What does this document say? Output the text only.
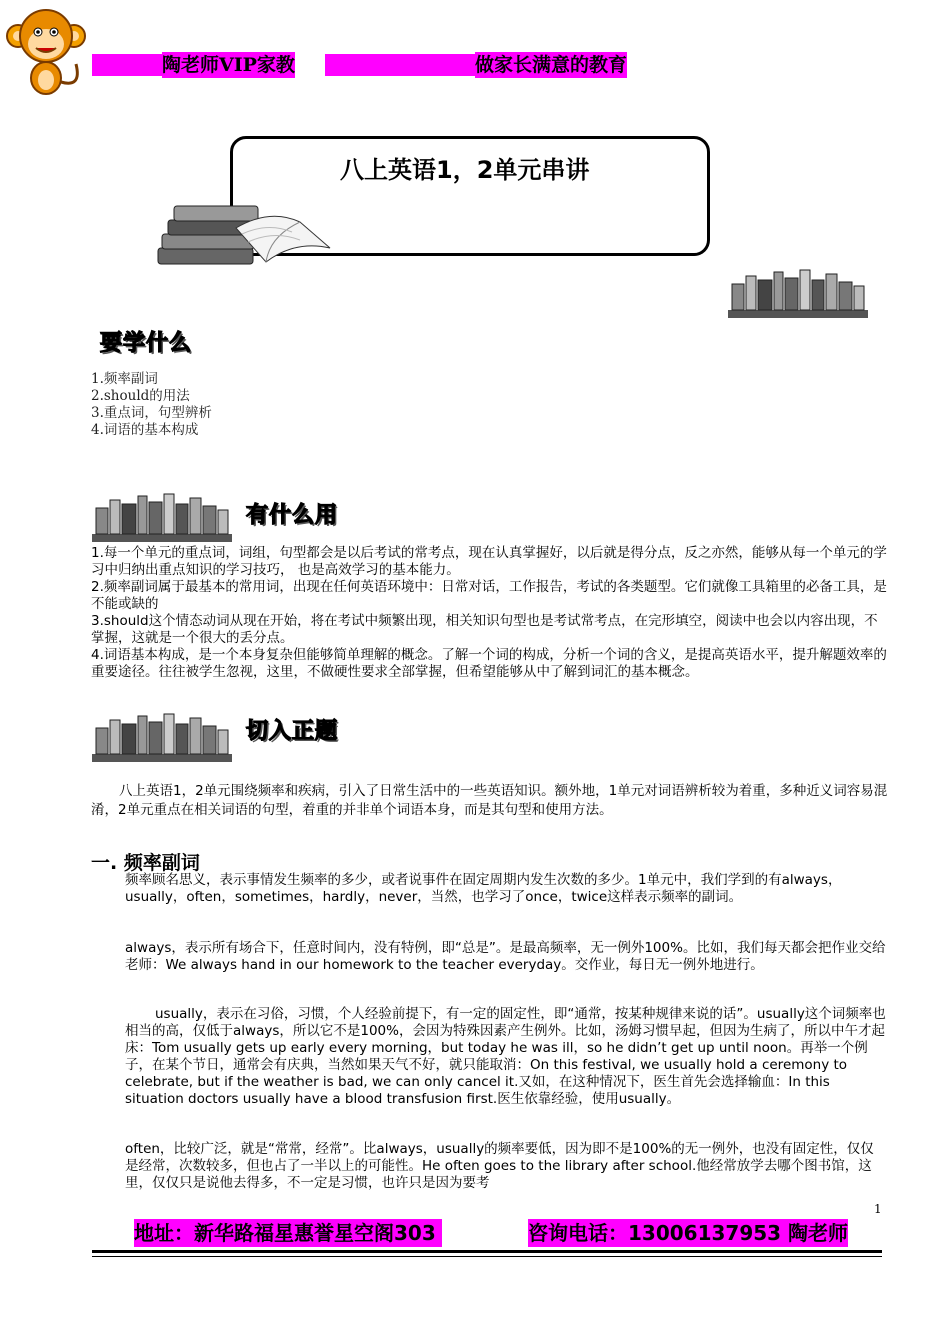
陶老师VIP家教	做家长满意的教育
八上英语1，2单元串讲
要学什么
1.频率副词
2.should的用法
3.重点词，句型辨析
4.词语的基本构成
有什么用

1.每一个单元的重点词，词组，句型都会是以后考试的常考点，现在认真掌握好，以后就是得分点，反之亦然，能够从每一个单元的学习中归纳出重点知识的学习技巧， 也是高效学习的基本能力。

2.频率副词属于最基本的常用词，出现在任何英语环境中：日常对话，工作报告，考试的各类题型。它们就像工具箱里的必备工具，是不能或缺的

3.should这个情态动词从现在开始，将在考试中频繁出现，相关知识句型也是考试常考点，在完形填空，阅读中也会以内容出现，不掌握，这就是一个很大的丢分点。

4.词语基本构成，是一个本身复杂但能够简单理解的概念。了解一个词的构成，分析一个词的含义，是提高英语水平，提升解题效率的重要途径。往往被学生忽视，这里，不做硬性要求全部掌握，但希望能够从中了解到词汇的基本概念。

切入正题

八上英语1，2单元围绕频率和疾病，引入了日常生活中的一些英语知识。额外地，1单元对词语辨析较为着重，多种近义词容易混淆，2单元重点在相关词语的句型，着重的并非单个词语本身，而是其句型和使用方法。

一. 频率副词

频率顾名思义，表示事情发生频率的多少，或者说事件在固定周期内发生次数的多少。1单元中，我们学到的有always，usually，often，sometimes，hardly，never，当然，也学习了once，twice这样表示频率的副词。

always，表示所有场合下，任意时间内，没有特例，即“总是”。是最高频率，无一例外100%。比如，我们每天都会把作业交给老师：We always hand in our homework to the teacher everyday。交作业，每日无一例外地进行。

usually，表示在习俗，习惯，个人经验前提下，有一定的固定性，即“通常，按某种规律来说的话”。usually这个词频率也相当的高，仅低于always，所以它不是100%，会因为特殊因素产生例外。比如，汤姆习惯早起，但因为生病了，所以中午才起床：Tom usually gets up early every morning，but today he was ill，so he didn’t get up until noon。再举一个例子，在某个节日，通常会有庆典，当然如果天气不好，就只能取消：On this festival, we usually hold a ceremony to celebrate, but if the weather is bad, we can only cancel it.又如，在这种情况下，医生首先会选择输血：In this situation doctors usually have a blood transfusion first.医生依靠经验，使用usually。

often，比较广泛，就是“常常，经常”。比always，usually的频率要低，因为即不是100%的无一例外，也没有固定性，仅仅是经常，次数较多，但也占了一半以上的可能性。He often goes to the library after school.他经常放学去哪个图书馆，这里，仅仅只是说他去得多，不一定是习惯，也许只是因为要考

1
地址：新华路福星惠誉星空阁303	咨询电话：13006137953 陶老师
